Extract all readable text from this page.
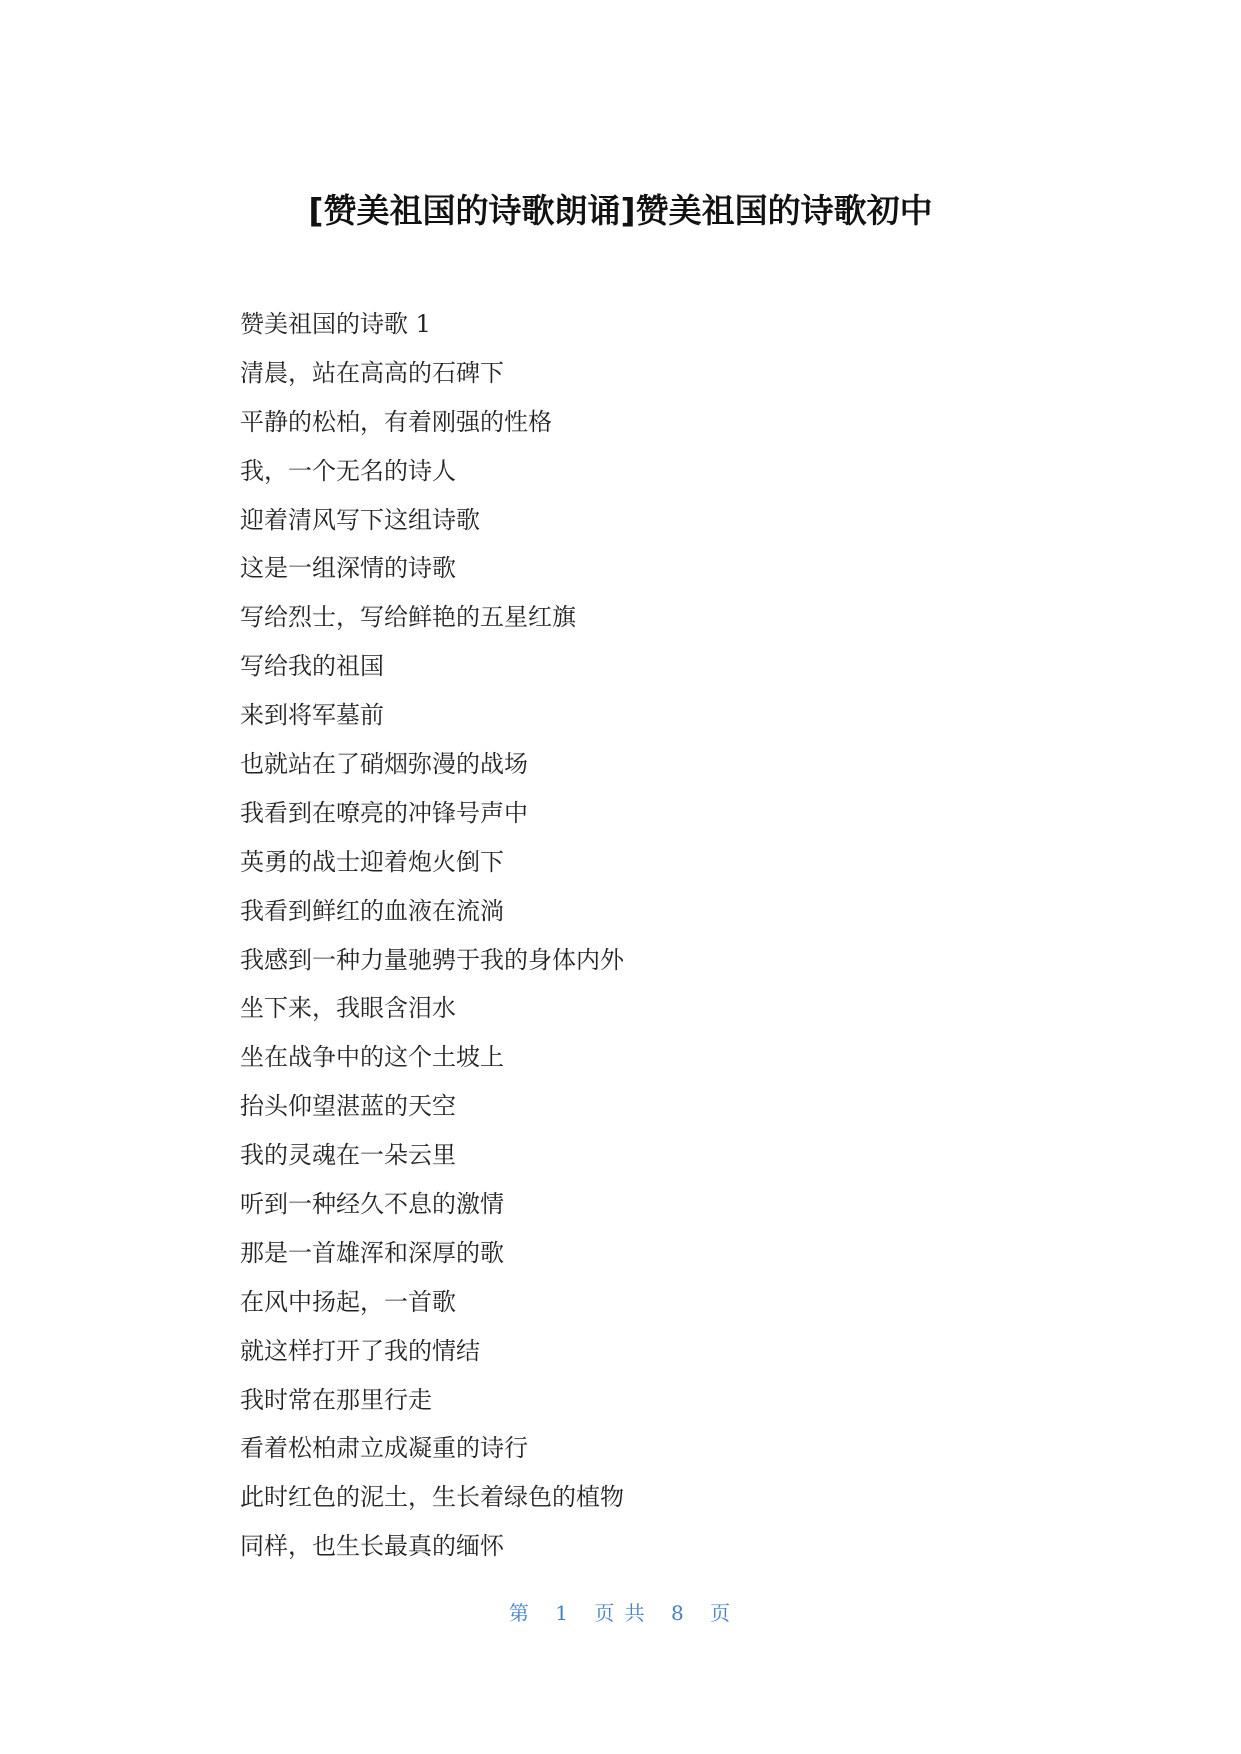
[赞美祖国的诗歌朗诵]赞美祖国的诗歌初中
赞美祖国的诗歌 1
清晨，站在高高的石碑下
平静的松柏，有着刚强的性格
我，一个无名的诗人
迎着清风写下这组诗歌
这是一组深情的诗歌
写给烈士，写给鲜艳的五星红旗
写给我的祖国
来到将军墓前
也就站在了硝烟弥漫的战场
我看到在嘹亮的冲锋号声中
英勇的战士迎着炮火倒下
我看到鲜红的血液在流淌
我感到一种力量驰骋于我的身体内外
坐下来，我眼含泪水
坐在战争中的这个土坡上
抬头仰望湛蓝的天空
我的灵魂在一朵云里
听到一种经久不息的激情
那是一首雄浑和深厚的歌
在风中扬起，一首歌
就这样打开了我的情结
我时常在那里行走
看着松柏肃立成凝重的诗行
此时红色的泥土，生长着绿色的植物
同样，也生长最真的缅怀
第 1 页 共 8 页
